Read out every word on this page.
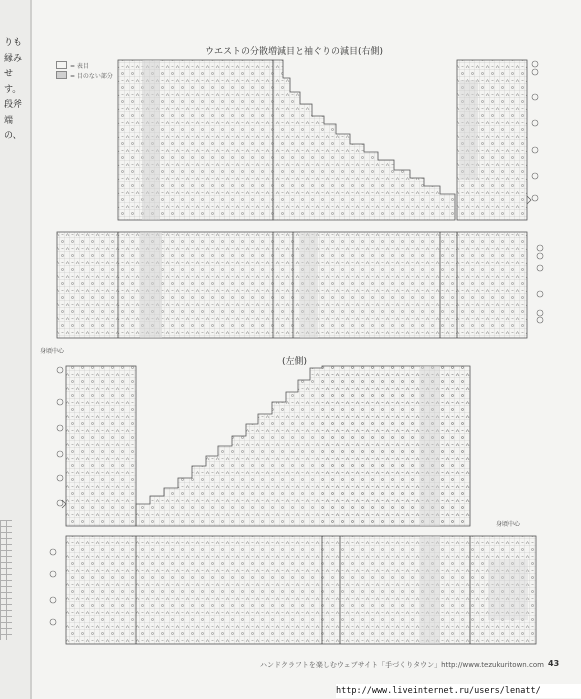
りも縁みせす。段斧端の、
ウエストの分散増減目と袖ぐりの減目(右側)
= 表目
= 目のない部分
身頃中心
(左側)
身頃中心
ハンドクラフトを楽しむウェブサイト「手づくりタウン」http://www.tezukuritown.com 43
http://www.liveinternet.ru/users/lenatt/
